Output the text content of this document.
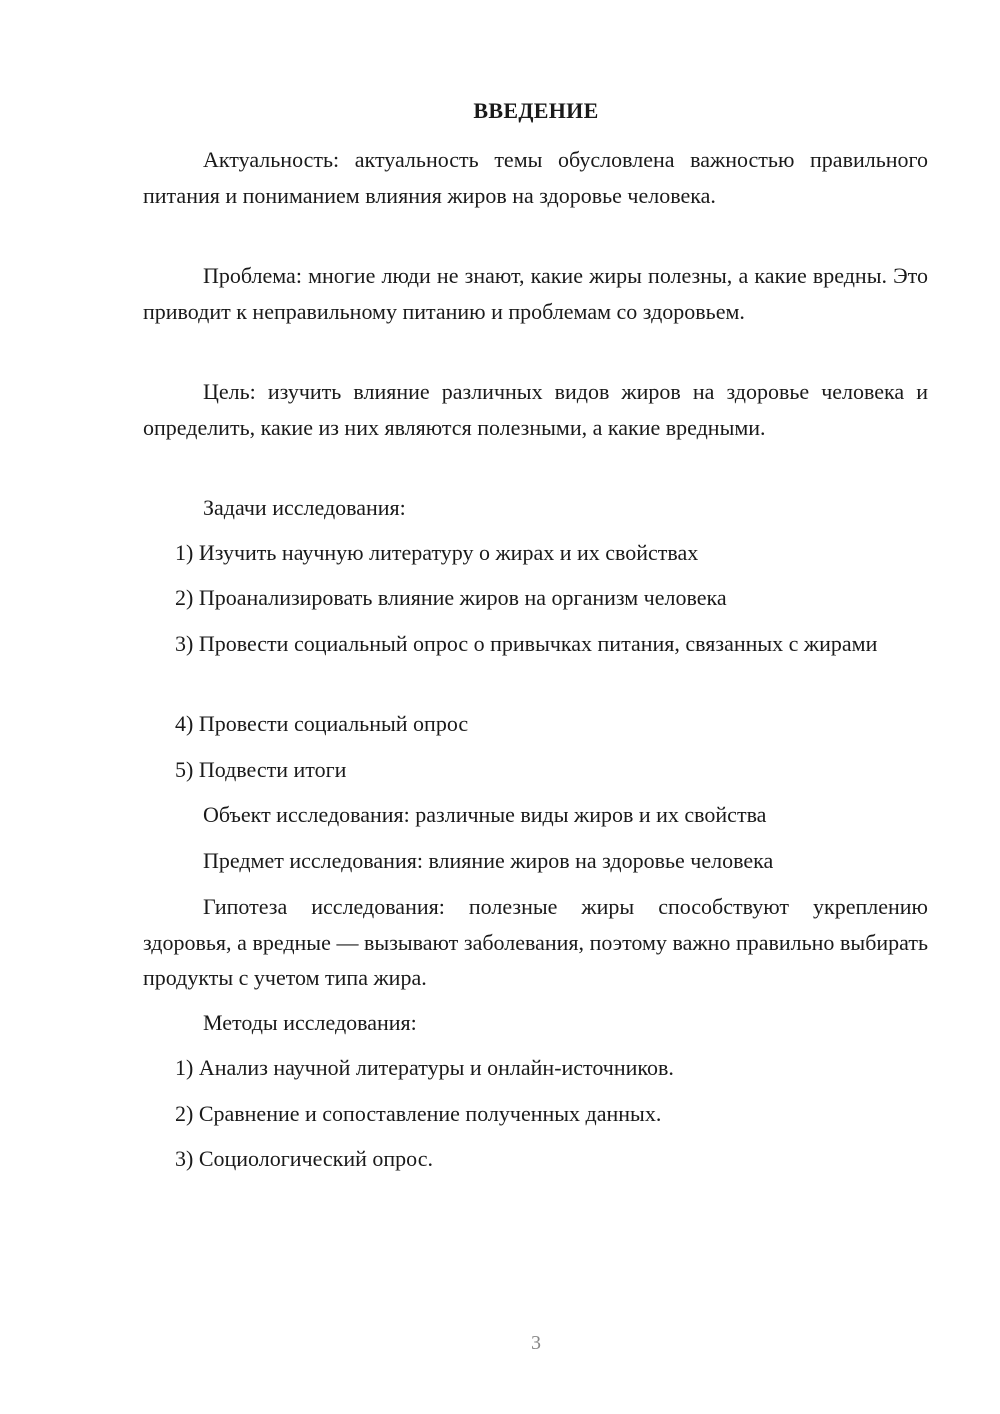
ВВЕДЕНИЕ

Актуальность: актуальность темы обусловлена важностью правильного питания и пониманием влияния жиров на здоровье человека.

Проблема: многие люди не знают, какие жиры полезны, а какие вредны. Это приводит к неправильному питанию и проблемам со здоровьем.

Цель: изучить влияние различных видов жиров на здоровье человека и определить, какие из них являются полезными, а какие вредными.

Задачи исследования:

1) Изучить научную литературу о жирах и их свойствах

2) Проанализировать влияние жиров на организм человека

3) Провести социальный опрос о привычках питания, связанных с жирами

4) Провести социальный опрос

5) Подвести итоги

Объект исследования: различные виды жиров и их свойства

Предмет исследования: влияние жиров на здоровье человека

Гипотеза исследования: полезные жиры способствуют укреплению здоровья, а вредные — вызывают заболевания, поэтому важно правильно выбирать продукты с учетом типа жира.

Методы исследования:

1) Анализ научной литературы и онлайн-источников.

2) Сравнение и сопоставление полученных данных.

3) Социологический опрос.

3
